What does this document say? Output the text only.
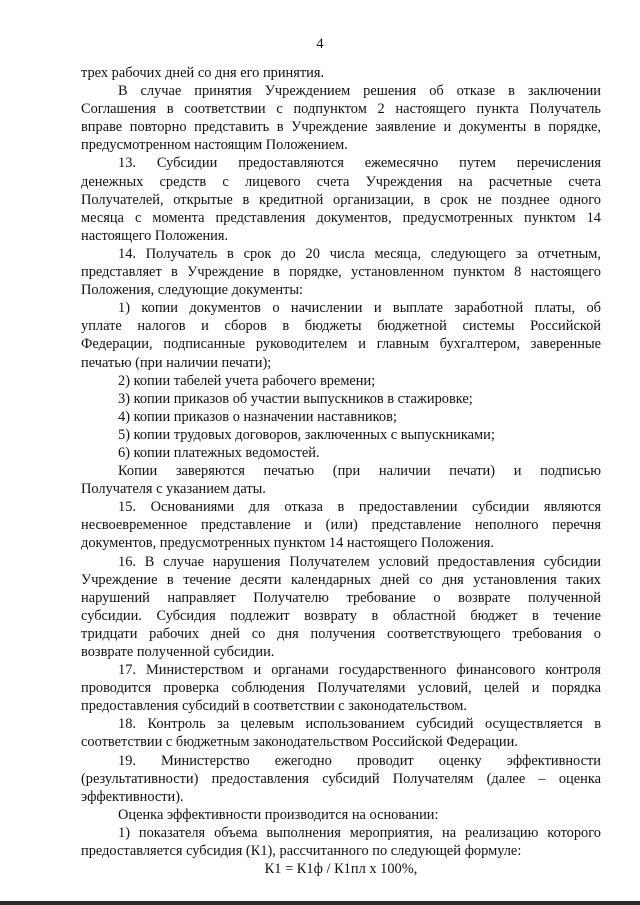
4
трех рабочих дней со дня его принятия.
В случае принятия Учреждением решения об отказе в заключении
Соглашения в соответствии с подпунктом 2 настоящего пункта Получатель
вправе повторно представить в Учреждение заявление и документы в порядке,
предусмотренном настоящим Положением.
13. Субсидии предоставляются ежемесячно путем перечисления
денежных средств с лицевого счета Учреждения на расчетные счета
Получателей, открытые в кредитной организации, в срок не позднее одного
месяца с момента представления документов, предусмотренных пунктом 14
настоящего Положения.
14. Получатель в срок до 20 числа месяца, следующего за отчетным,
представляет в Учреждение в порядке, установленном пунктом 8 настоящего
Положения, следующие документы:
1) копии документов о начислении и выплате заработной платы, об
уплате налогов и сборов в бюджеты бюджетной системы Российской
Федерации, подписанные руководителем и главным бухгалтером, заверенные
печатью (при наличии печати);
2) копии табелей учета рабочего времени;
3) копии приказов об участии выпускников в стажировке;
4) копии приказов о назначении наставников;
5) копии трудовых договоров, заключенных с выпускниками;
6) копии платежных ведомостей.
Копии заверяются печатью (при наличии печати) и подписью
Получателя с указанием даты.
15. Основаниями для отказа в предоставлении субсидии являются
несвоевременное представление и (или) представление неполного перечня
документов, предусмотренных пунктом 14 настоящего Положения.
16. В случае нарушения Получателем условий предоставления субсидии
Учреждение в течение десяти календарных дней со дня установления таких
нарушений направляет Получателю требование о возврате полученной
субсидии. Субсидия подлежит возврату в областной бюджет в течение
тридцати рабочих дней со дня получения соответствующего требования о
возврате полученной субсидии.
17. Министерством и органами государственного финансового контроля
проводится проверка соблюдения Получателями условий, целей и порядка
предоставления субсидий в соответствии с законодательством.
18. Контроль за целевым использованием субсидий осуществляется в
соответствии с бюджетным законодательством Российской Федерации.
19. Министерство ежегодно проводит оценку эффективности
(результативности) предоставления субсидий Получателям (далее – оценка
эффективности).
Оценка эффективности производится на основании:
1) показателя объема выполнения мероприятия, на реализацию которого
предоставляется субсидия (К1), рассчитанного по следующей формуле:
К1 = К1ф / К1пл х 100%,
